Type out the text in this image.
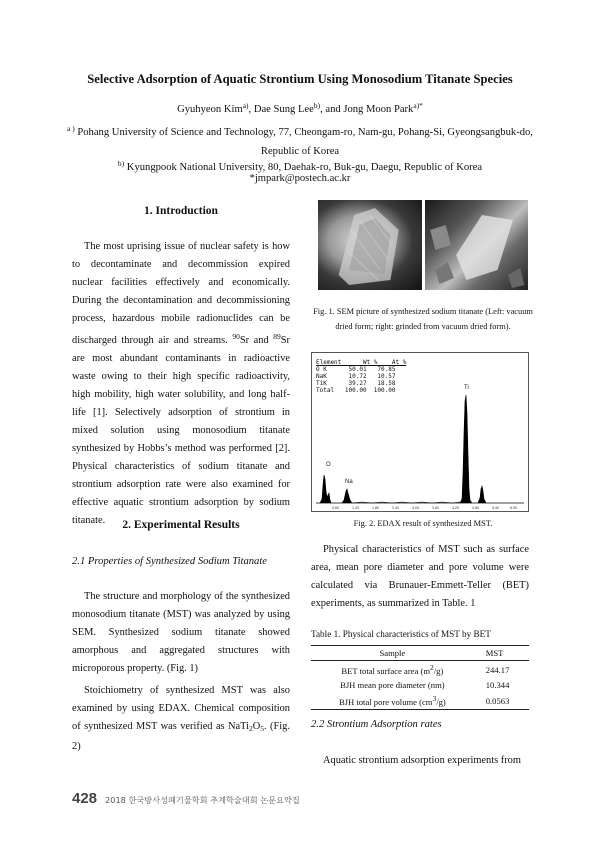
Selective Adsorption of Aquatic Strontium Using Monosodium Titanate Species
Gyuhyeon Kim$^{a)}$, Dae Sung Lee$^{b)}$, and Jong Moon Park$^{a)*}$
$^{a )}$ Pohang University of Science and Technology, 77, Cheongam-ro, Nam-gu, Pohang-Si, Gyeongsangbuk-do, Republic of Korea
$^{b)}$ Kyungpook National University, 80, Daehak-ro, Buk-gu, Daegu, Republic of Korea
*jmpark@postech.ac.kr
1. Introduction

The most uprising issue of nuclear safety is how to decontaminate and decommission expired nuclear facilities effectively and economically. During the decontamination and decommissioning process, hazardous mobile radionuclides can be discharged through air and streams. $^{90}$Sr and $^{89}$Sr are most abundant contaminants in radioactive waste owing to their high specific radioactivity, high mobility, high water solubility, and long half-life [1]. Selectively adsorption of strontium in mixed solution using monosodium titanate synthesized by Hobbs’s method was performed [2]. Physical characteristics of sodium titanate and strontium adsorption rate were also examined for effective aquatic strontium adsorption by sodium titanate.	2. Experimental Results
2.1 Properties of Synthesized Sodium Titanate

The structure and morphology of the synthesized monosodium titanate (MST) was analyzed by using SEM. Synthesized sodium titanate showed amorphous and aggregated structures with microporous property. (Fig. 1)

Stoichiometry of synthesized MST was also examined by using EDAX. Chemical composition of synthesized MST was verified as $NaTi_2O_5$. (Fig. 2)

Fig. 1. SEM picture of synthesized sodium titanate (Left: vacuum dried form; right: grinded from vacuum dried form).
Element      Wt %    At %
O K      50.01   70.85
NaK      10.72   10.57
TiK      39.27   18.58
Total   100.00  100.00
O
Na
Ti
0.60	1.20	1.80	2.40	3.00	3.60	4.20	4.80	5.40	6.00
Fig. 2. EDAX result of synthesized MST.

Physical characteristics of MST such as surface area, mean pore diameter and pore volume were calculated via Brunauer-Emmett-Teller (BET) experiments, as summarized in Table. 1

Table 1. Physical characteristics of MST by BET
Sample	MST
BET total surface area $(m^2/g)$	244.17
BJH mean pore diameter (nm)	10.344
BJH total pore volume $(cm^3/g)$	0.0563
2.2 Strontium Adsorption rates

Aquatic strontium adsorption experiments from

428 2018 한국방사성폐기물학회 추계학술대회 논문요약집
